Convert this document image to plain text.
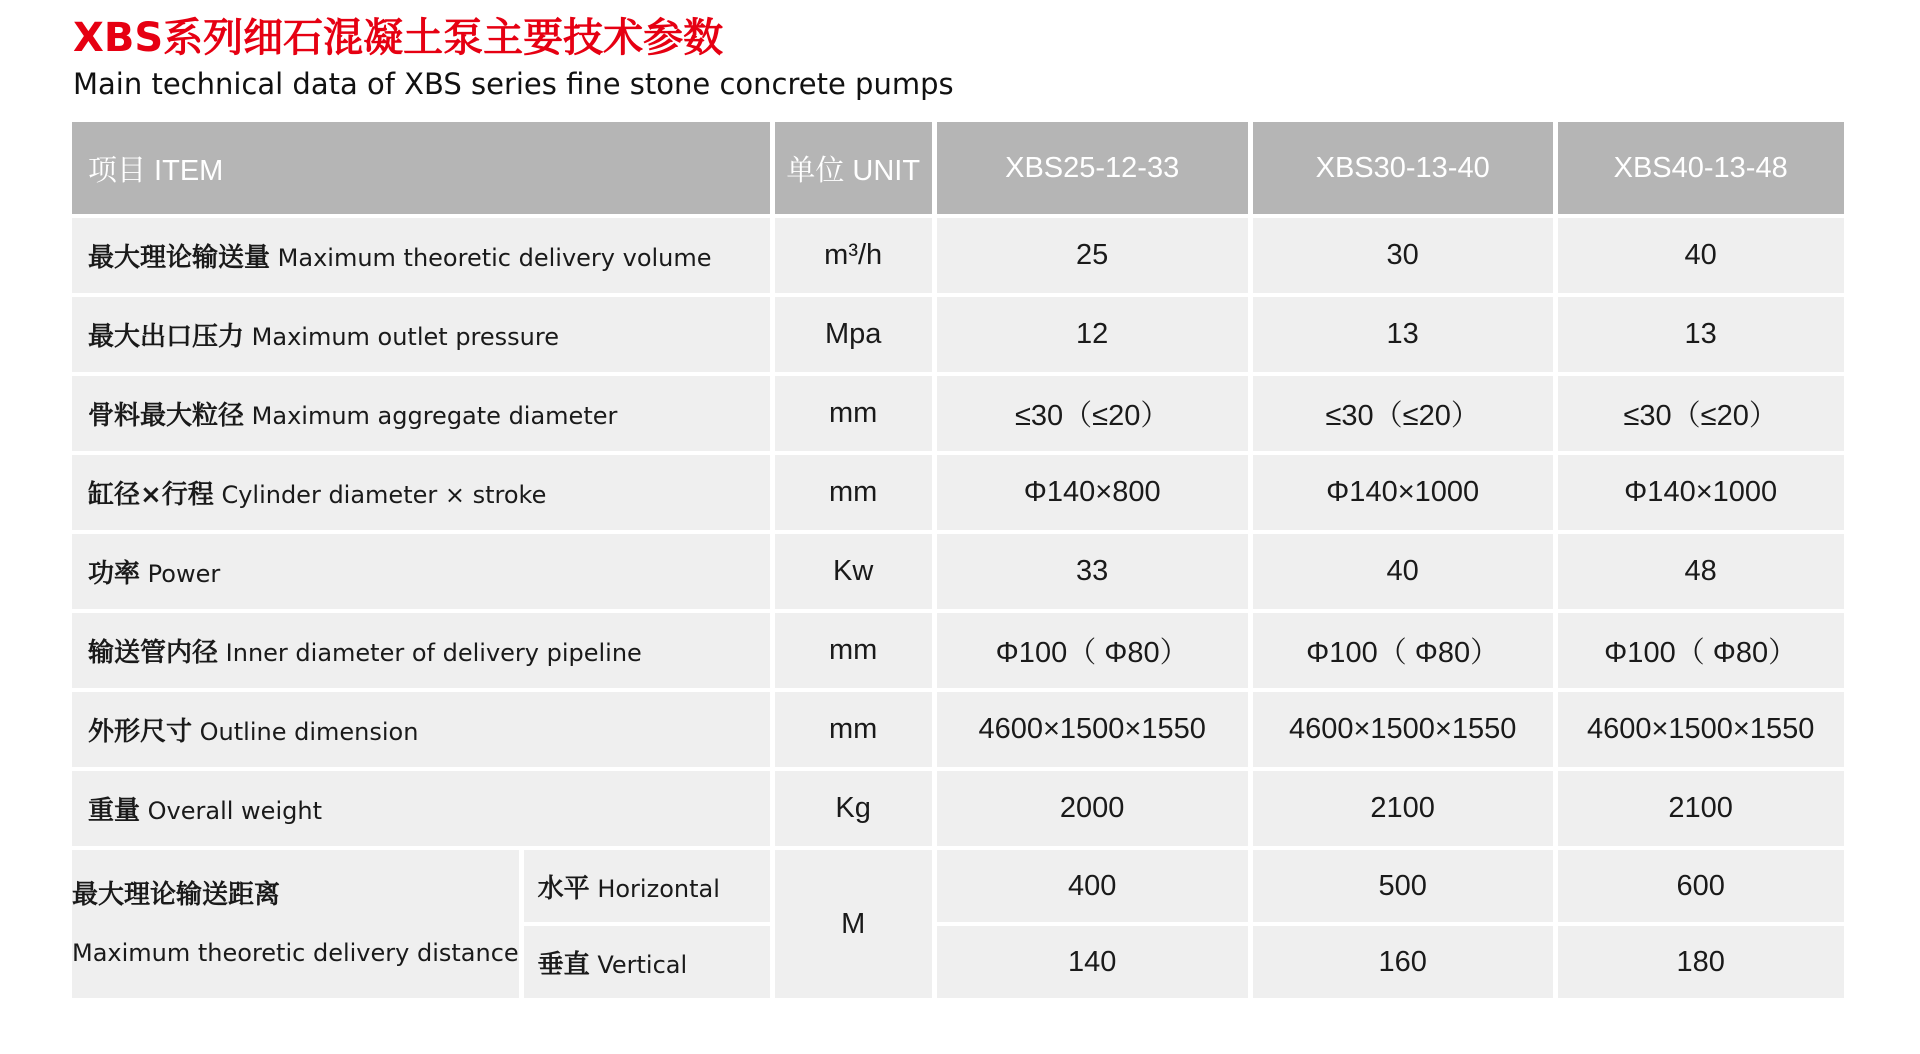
XBS系列细石混凝土泵主要技术参数
Main technical data of XBS series fine stone concrete pumps
项目 ITEM		单位 UNIT	XBS25-12-33	XBS30-13-40	XBS40-13-48
最大理论输送量 Maximum theoretic delivery volume		m³/h	25	30	40
最大出口压力 Maximum outlet pressure		Mpa	12	13	13
骨料最大粒径 Maximum aggregate diameter		mm	≤30（≤20）	≤30（≤20）	≤30（≤20）
缸径×行程 Cylinder diameter × stroke		mm	Φ140×800	Φ140×1000	Φ140×1000
功率 Power		Kw	33	40	48
输送管内径 Inner diameter of delivery pipeline		mm	Φ100（ Φ80）	Φ100（ Φ80）	Φ100（ Φ80）
外形尺寸 Outline dimension		mm	4600×1500×1550	4600×1500×1550	4600×1500×1550
重量 Overall weight		Kg	2000	2100	2100

最大理论输送距离
Maximum theoretic delivery distance	水平 Horizontal	M	400	500	600
	垂直 Vertical		140	160	180
